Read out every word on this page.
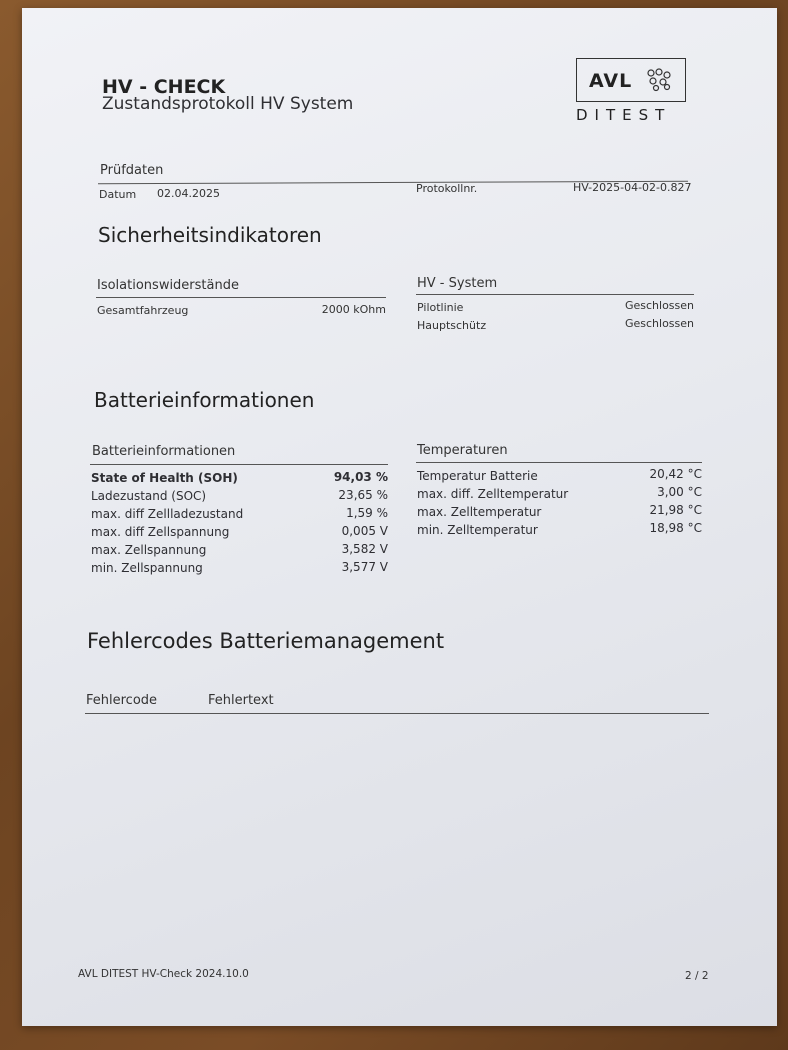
HV - CHECK
Zustandsprotokoll HV System
AVL
DITEST
Prüfdaten
Datum 02.04.2025	Protokollnr.	HV-2025-04-02-0.827
Sicherheitsindikatoren
Isolationswiderstände
Gesamtfahrzeug	2000 kOhm
HV - System
Pilotlinie	Geschlossen
Hauptschütz	Geschlossen
Batterieinformationen
Batterieinformationen
State of Health (SOH)	94,03 %
Ladezustand (SOC)	23,65 %
max. diff Zellladezustand	1,59 %
max. diff Zellspannung	0,005 V
max. Zellspannung	3,582 V
min. Zellspannung	3,577 V
Temperaturen
Temperatur Batterie	20,42 °C
max. diff. Zelltemperatur	3,00 °C
max. Zelltemperatur	21,98 °C
min. Zelltemperatur	18,98 °C
Fehlercodes Batteriemanagement
Fehlercode	Fehlertext
AVL DITEST HV-Check 2024.10.0	2 / 2
